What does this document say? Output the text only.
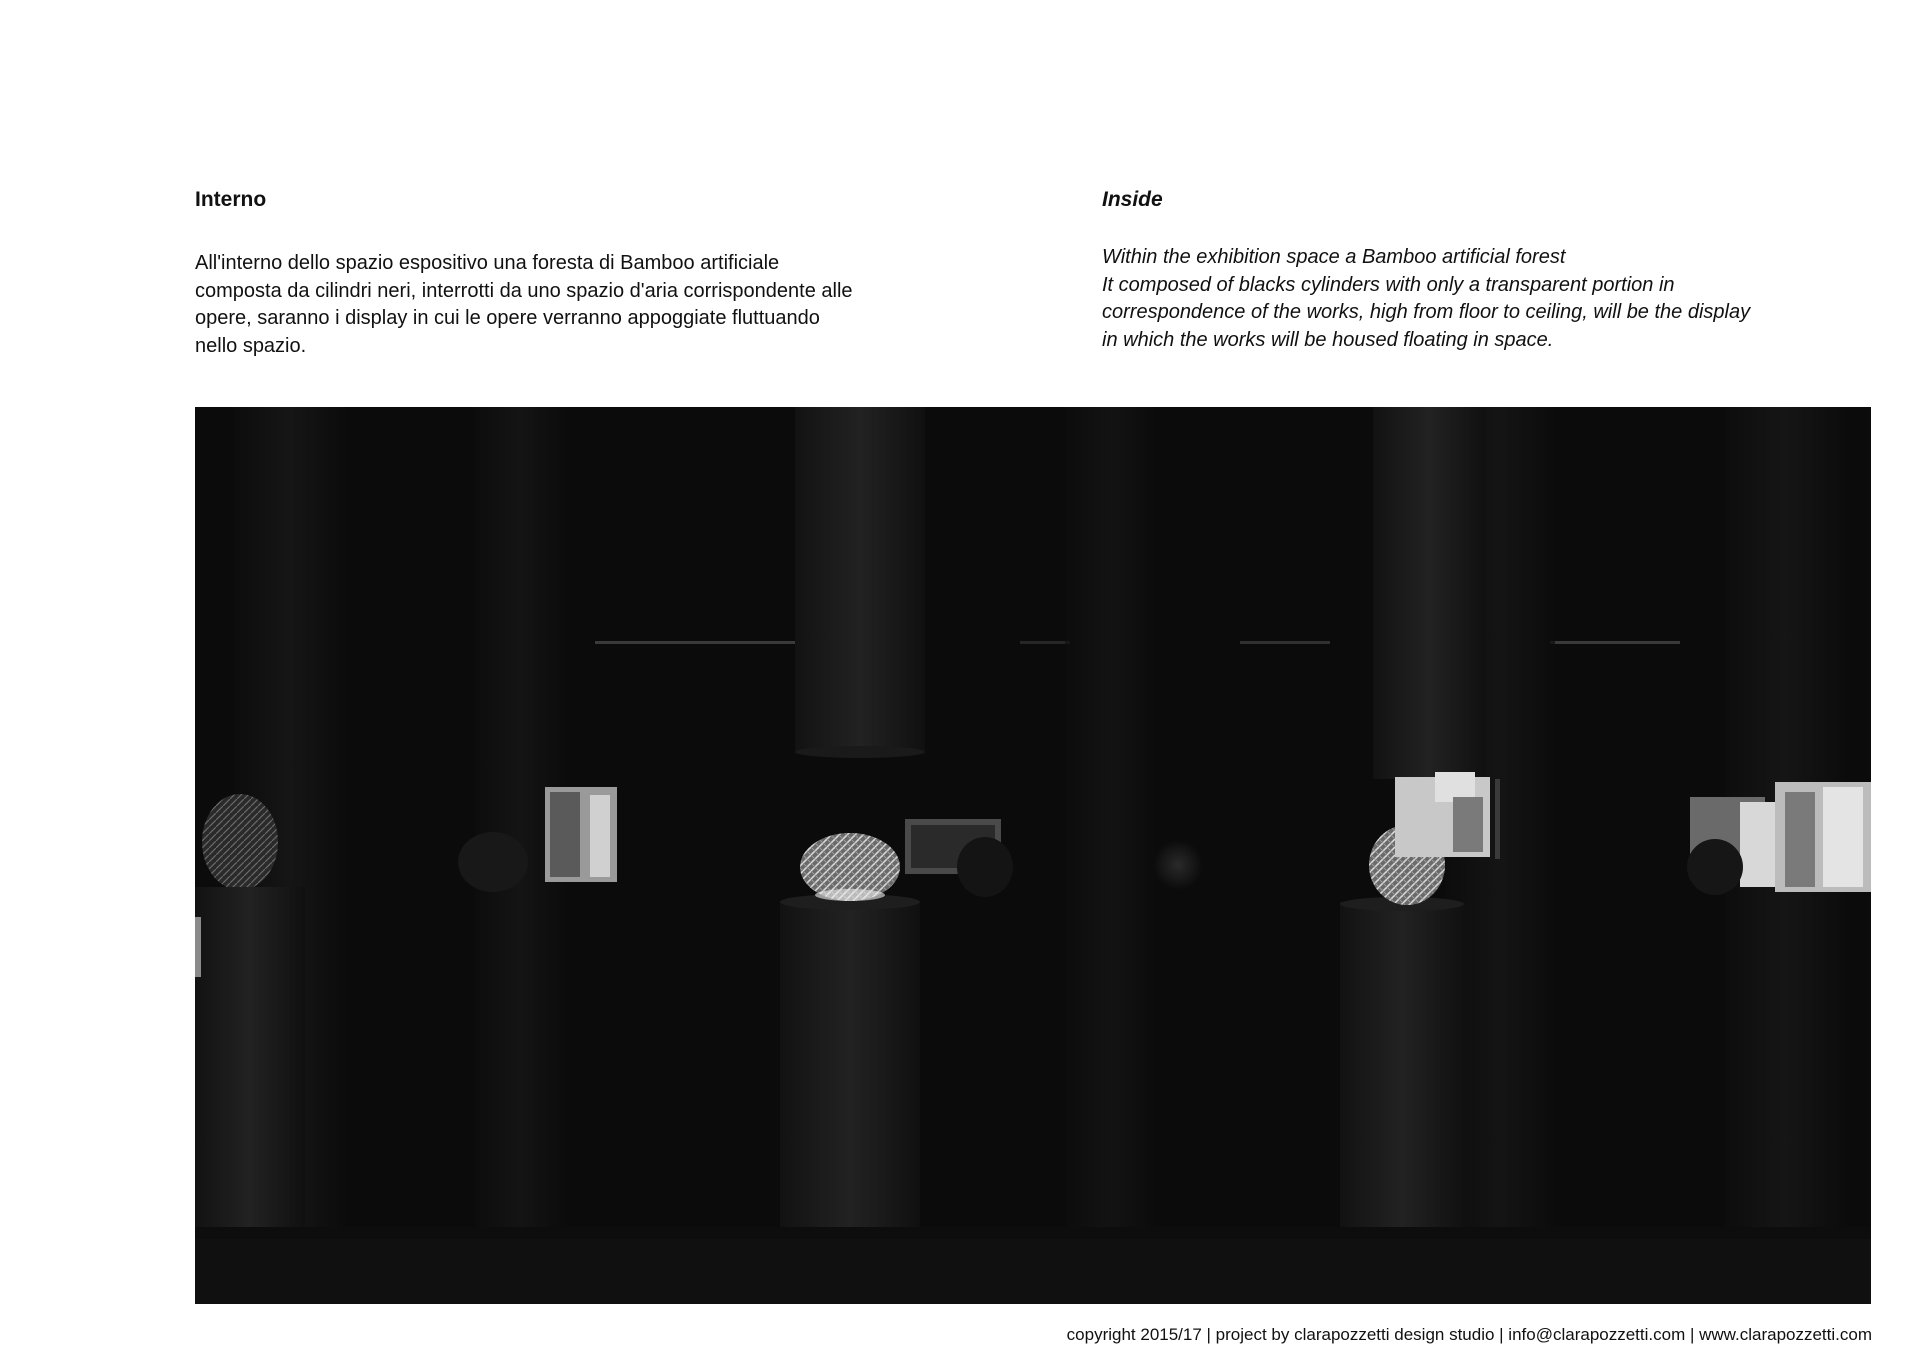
Interno

All'interno dello spazio espositivo una foresta di Bamboo artificiale
composta da cilindri neri, interrotti da uno spazio d'aria corrispondente alle
opere, saranno i display in cui le opere verranno appoggiate fluttuando
nello spazio.

Inside

Within the exhibition space a Bamboo artificial forest
It composed of blacks cylinders with only a transparent portion in
correspondence of the works, high from floor to ceiling, will be the display
in which the works will be housed floating in space.

copyright 2015/17 | project by clarapozzetti design studio | info@clarapozzetti.com | www.clarapozzetti.com
